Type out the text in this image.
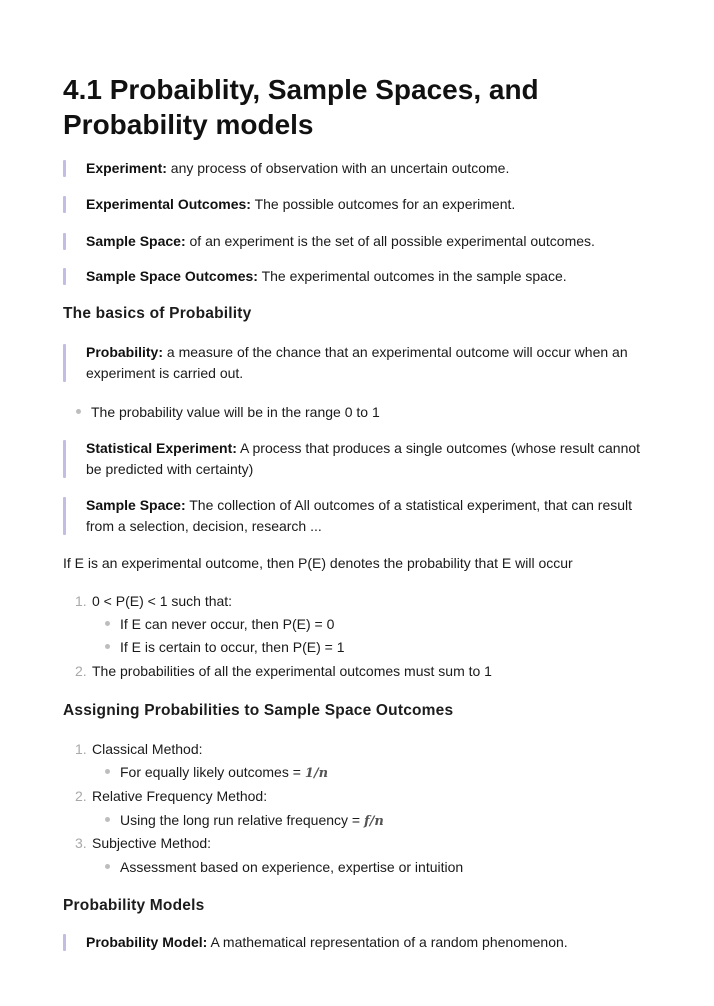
4.1 Probaiblity, Sample Spaces, and Probability models
Experiment: any process of observation with an uncertain outcome.
Experimental Outcomes: The possible outcomes for an experiment.
Sample Space: of an experiment is the set of all possible experimental outcomes.
Sample Space Outcomes: The experimental outcomes in the sample space.
The basics of Probability
Probability: a measure of the chance that an experimental outcome will occur when an experiment is carried out.
The probability value will be in the range 0 to 1
Statistical Experiment: A process that produces a single outcomes (whose result cannot be predicted with certainty)
Sample Space: The collection of All outcomes of a statistical experiment, that can result from a selection, decision, research ...
If E is an experimental outcome, then P(E) denotes the probability that E will occur
1. 0 < P(E) < 1 such that:
If E can never occur, then P(E) = 0
If E is certain to occur, then P(E) = 1
2. The probabilities of all the experimental outcomes must sum to 1
Assigning Probabilities to Sample Space Outcomes
1. Classical Method:
For equally likely outcomes = 1/n
2. Relative Frequency Method:
Using the long run relative frequency = f/n
3. Subjective Method:
Assessment based on experience, expertise or intuition
Probability Models
Probability Model: A mathematical representation of a random phenomenon.
